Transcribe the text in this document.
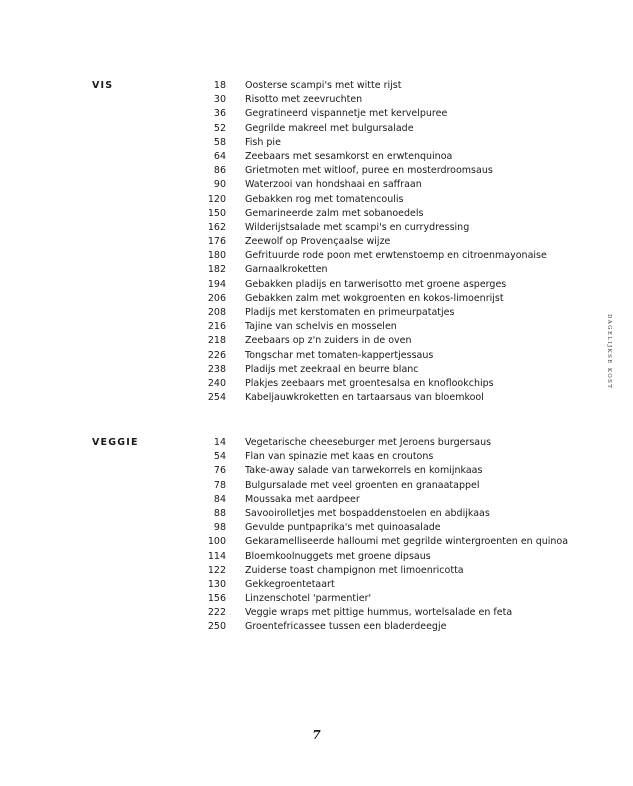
VIS	18 Oosterse scampi's met witte rijst
30 Risotto met zeevruchten
36 Gegratineerd vispannetje met kervelpuree
52 Gegrilde makreel met bulgursalade
58 Fish pie
64 Zeebaars met sesamkorst en erwtenquinoa
86 Grietmoten met witloof, puree en mosterdroomsaus
90 Waterzooi van hondshaai en saffraan
120 Gebakken rog met tomatencoulis
150 Gemarineerde zalm met sobanoedels
162 Wilderijstsalade met scampi's en currydressing
176 Zeewolf op Provençaalse wijze
180 Gefrituurde rode poon met erwtenstoemp en citroenmayonaise
182 Garnaalkroketten
194 Gebakken pladijs en tarwerisotto met groene asperges
206 Gebakken zalm met wokgroenten en kokos-limoenrijst
208 Pladijs met kerstomaten en primeurpatatjes
216 Tajine van schelvis en mosselen
218 Zeebaars op z'n zuiders in de oven
226 Tongschar met tomaten-kappertjessaus
238 Pladijs met zeekraal en beurre blanc
240 Plakjes zeebaars met groentesalsa en knoflookchips
254 Kabeljauwkroketten en tartaarsaus van bloemkool
VEGGIE	14 Vegetarische cheeseburger met Jeroens burgersaus
54 Flan van spinazie met kaas en croutons
76 Take-away salade van tarwekorrels en komijnkaas
78 Bulgursalade met veel groenten en granaatappel
84 Moussaka met aardpeer
88 Savooirolletjes met bospaddenstoelen en abdijkaas
98 Gevulde puntpaprika's met quinoasalade
100 Gekaramelliseerde halloumi met gegrilde wintergroenten en quinoa
114 Bloemkoolnuggets met groene dipsaus
122 Zuiderse toast champignon met limoenricotta
130 Gekkegroentetaart
156 Linzenschotel 'parmentier'
222 Veggie wraps met pittige hummus, wortelsalade en feta
250 Groentefricassee tussen een bladerdeegje
DAGELIJKSE KOST
7
